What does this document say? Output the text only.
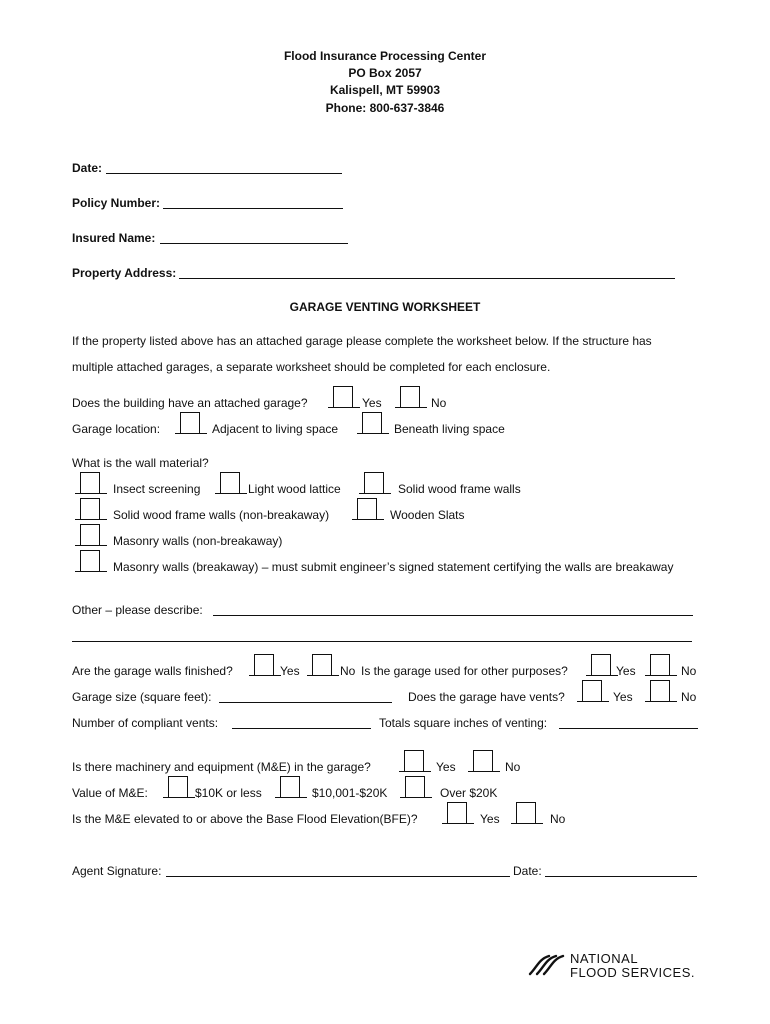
Flood Insurance Processing Center
PO Box 2057
Kalispell, MT 59903
Phone: 800-637-3846
Date:
Policy Number:
Insured Name:
Property Address:
GARAGE VENTING WORKSHEET
If the property listed above has an attached garage please complete the worksheet below. If the structure has
multiple attached garages, a separate worksheet should be completed for each enclosure.
Does the building have an attached garage?	Yes	No
Garage location:	Adjacent to living space	Beneath living space
What is the wall material?
Insect screening	Light wood lattice	Solid wood frame walls
Solid wood frame walls (non-breakaway)	Wooden Slats
Masonry walls (non-breakaway)
Masonry walls (breakaway) – must submit engineer’s signed statement certifying the walls are breakaway
Other – please describe:
Are the garage walls finished?	Yes	No Is the garage used for other purposes?	Yes	No
Garage size (square feet):	Does the garage have vents?	Yes	No
Number of compliant vents:	Totals square inches of venting:
Is there machinery and equipment (M&E) in the garage?	Yes	No
Value of M&E:	$10K or less	$10,001-$20K	Over $20K
Is the M&E elevated to or above the Base Flood Elevation(BFE)?	Yes	No
Agent Signature:	Date:
NATIONAL
FLOOD SERVICES.
